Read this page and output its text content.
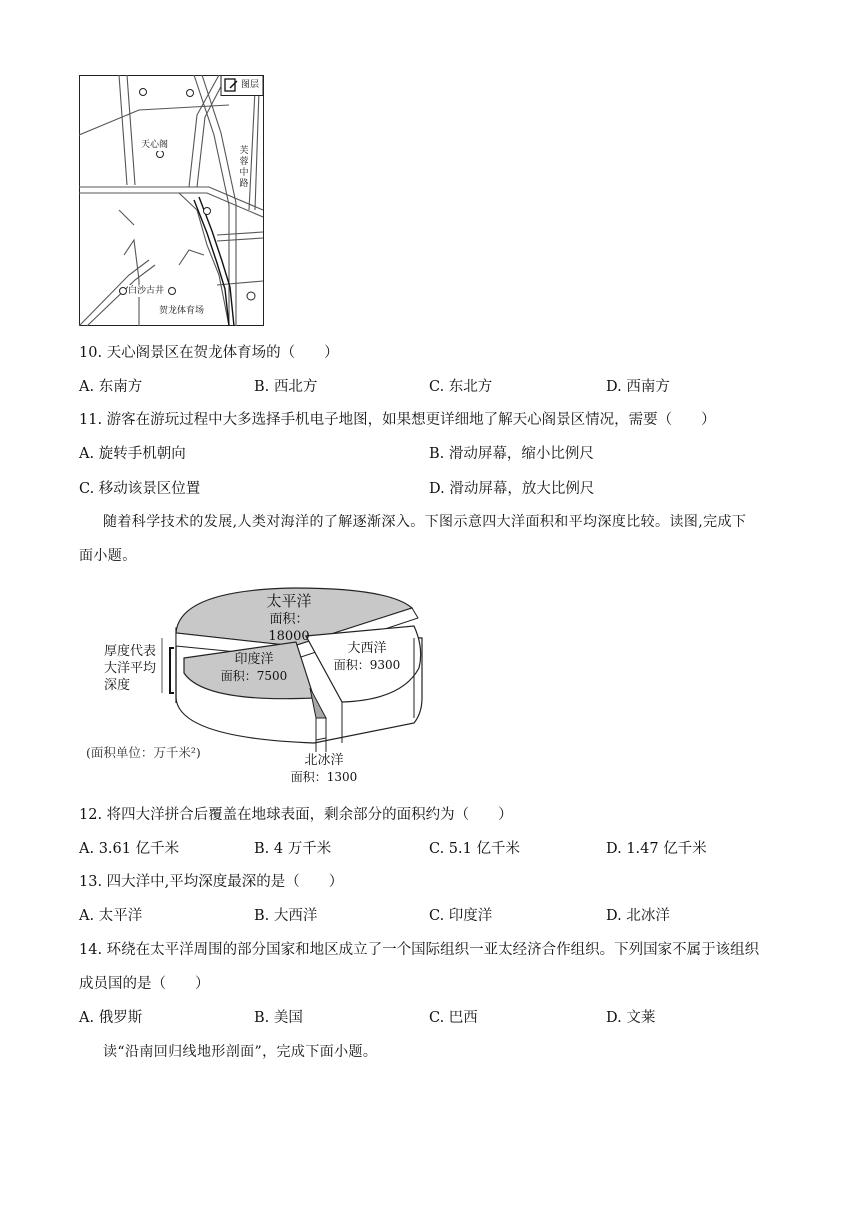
图层
天心阁
芙
蓉
中
路
白沙古井
贺龙体育场
10. 天心阁景区在贺龙体育场的（　　）
A. 东南方	B. 西北方	C. 东北方	D. 西南方
11. 游客在游玩过程中大多选择手机电子地图，如果想更详细地了解天心阁景区情况，需要（　　）
A. 旋转手机朝向	B. 滑动屏幕，缩小比例尺
C. 移动该景区位置	D. 滑动屏幕，放大比例尺
随着科学技术的发展,人类对海洋的了解逐渐深入。下图示意四大洋面积和平均深度比较。读图,完成下
面小题。
厚度代表
大洋平均
深度
太平洋
面积：18000
印度洋
面积：7500
大西洋
面积：9300
北冰洋
面积：1300
(面积单位：万千米²)
12. 将四大洋拼合后覆盖在地球表面，剩余部分的面积约为（　　）
A. 3.61 亿千米	B. 4 万千米	C. 5.1 亿千米	D. 1.47 亿千米
13. 四大洋中,平均深度最深的是（　　）
A. 太平洋	B. 大西洋	C. 印度洋	D. 北冰洋
14. 环绕在太平洋周围的部分国家和地区成立了一个国际组织一亚太经济合作组织。下列国家不属于该组织
成员国的是（　　）
A. 俄罗斯	B. 美国	C. 巴西	D. 文莱
读“沿南回归线地形剖面”，完成下面小题。
